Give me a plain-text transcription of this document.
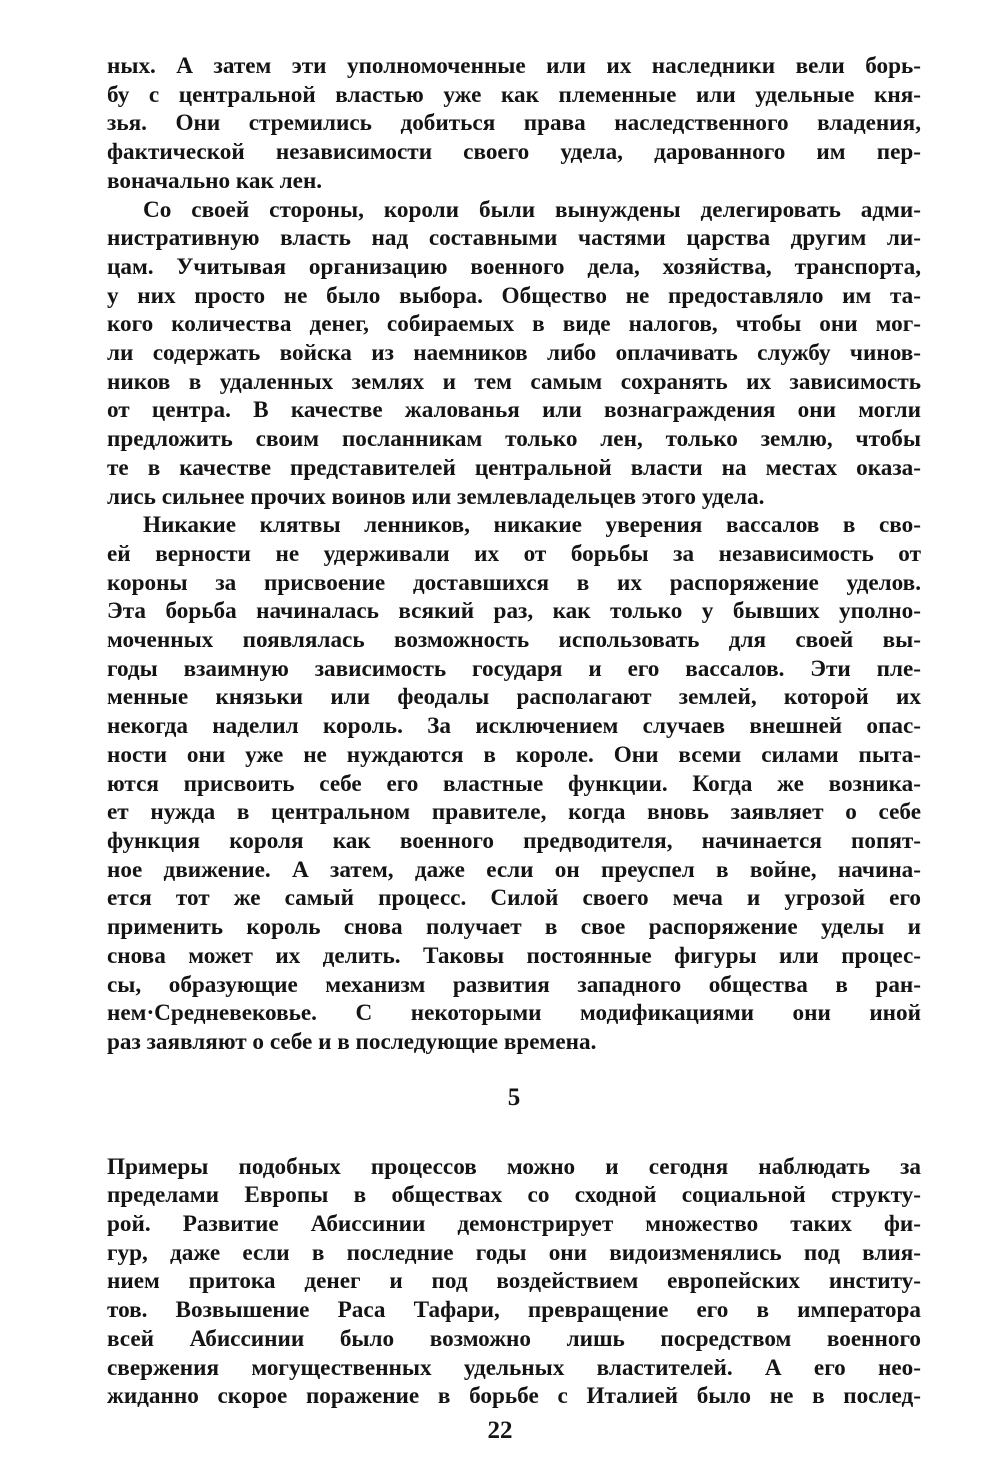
ных. А затем эти уполномоченные или их наследники вели борь-
бу с центральной властью уже как племенные или удельные кня-
зья. Они стремились добиться права наследственного владения,
фактической независимости своего удела, дарованного им пер-
воначально как лен.
Со своей стороны, короли были вынуждены делегировать адми-
нистративную власть над составными частями царства другим ли-
цам. Учитывая организацию военного дела, хозяйства, транспорта,
у них просто не было выбора. Общество не предоставляло им та-
кого количества денег, собираемых в виде налогов, чтобы они мог-
ли содержать войска из наемников либо оплачивать службу чинов-
ников в удаленных землях и тем самым сохранять их зависимость
от центра. В качестве жалованья или вознаграждения они могли
предложить своим посланникам только лен, только землю, чтобы
те в качестве представителей центральной власти на местах оказа-
лись сильнее прочих воинов или землевладельцев этого удела.
Никакие клятвы ленников, никакие уверения вассалов в сво-
ей верности не удерживали их от борьбы за независимость от
короны за присвоение доставшихся в их распоряжение уделов.
Эта борьба начиналась всякий раз, как только у бывших уполно-
моченных появлялась возможность использовать для своей вы-
годы взаимную зависимость государя и его вассалов. Эти пле-
менные князьки или феодалы располагают землей, которой их
некогда наделил король. За исключением случаев внешней опас-
ности они уже не нуждаются в короле. Они всеми силами пыта-
ются присвоить себе его властные функции. Когда же возника-
ет нужда в центральном правителе, когда вновь заявляет о себе
функция короля как военного предводителя, начинается попят-
ное движение. А затем, даже если он преуспел в войне, начина-
ется тот же самый процесс. Силой своего меча и угрозой его
применить король снова получает в свое распоряжение уделы и
снова может их делить. Таковы постоянные фигуры или процес-
сы, образующие механизм развития западного общества в ран-
нем·Средневековье. С некоторыми модификациями они иной
раз заявляют о себе и в последующие времена.
5
Примеры подобных процессов можно и сегодня наблюдать за
пределами Европы в обществах со сходной социальной структу-
рой. Развитие Абиссинии демонстрирует множество таких фи-
гур, даже если в последние годы они видоизменялись под влия-
нием притока денег и под воздействием европейских институ-
тов. Возвышение Раса Тафари, превращение его в императора
всей Абиссинии было возможно лишь посредством военного
свержения могущественных удельных властителей. А его нео-
жиданно скорое поражение в борьбе с Италией было не в послед-
22
